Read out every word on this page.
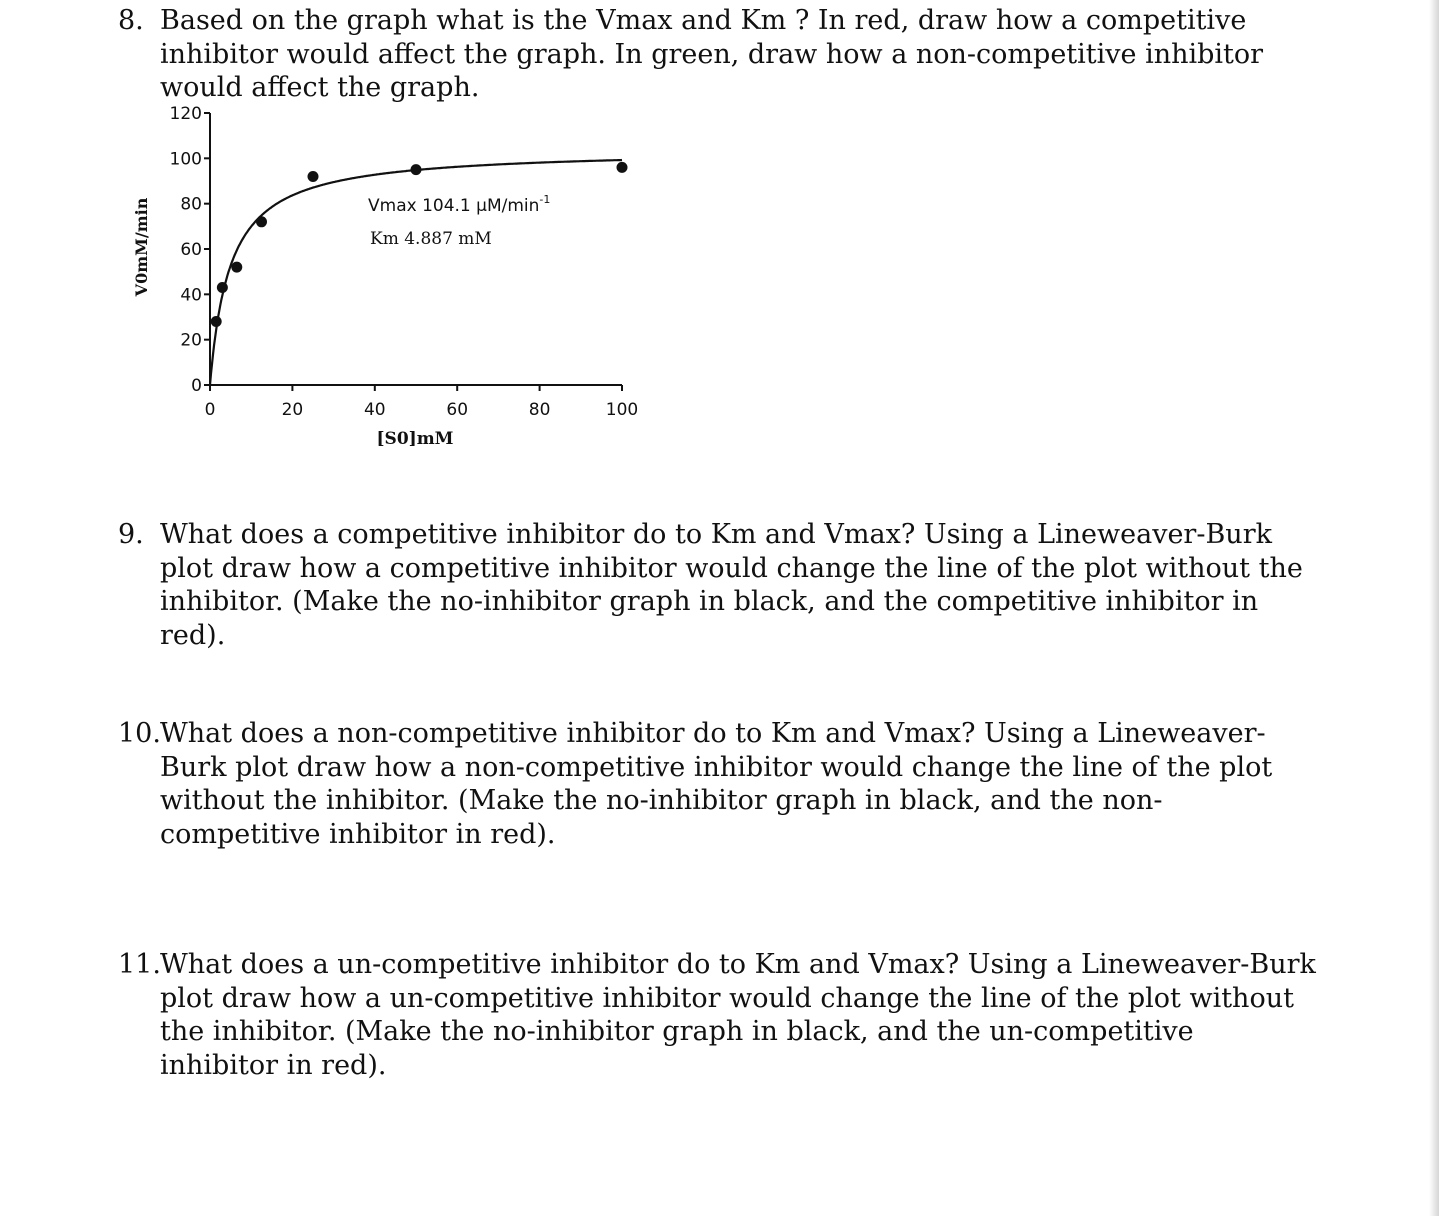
8. Based on the graph what is the Vmax and Km ? In red, draw how a competitive inhibitor would affect the graph. In green, draw how a non-competitive inhibitor would affect the graph.
0
20
40
60
80
100
120
0	20	40	60	80	100
Vmax 104.1 $\mu M/\min^{-1}$
Km 4.887 mM
[S0]mM
V0mM/min
9. What does a competitive inhibitor do to Km and Vmax? Using a Lineweaver-Burk plot draw how a competitive inhibitor would change the line of the plot without the inhibitor. (Make the no-inhibitor graph in black, and the competitive inhibitor in red).
10. What does a non-competitive inhibitor do to Km and Vmax? Using a Lineweaver-Burk plot draw how a non-competitive inhibitor would change the line of the plot without the inhibitor. (Make the no-inhibitor graph in black, and the non-competitive inhibitor in red).
11. What does a un-competitive inhibitor do to Km and Vmax? Using a Lineweaver-Burk plot draw how a un-competitive inhibitor would change the line of the plot without the inhibitor. (Make the no-inhibitor graph in black, and the un-competitive inhibitor in red).
